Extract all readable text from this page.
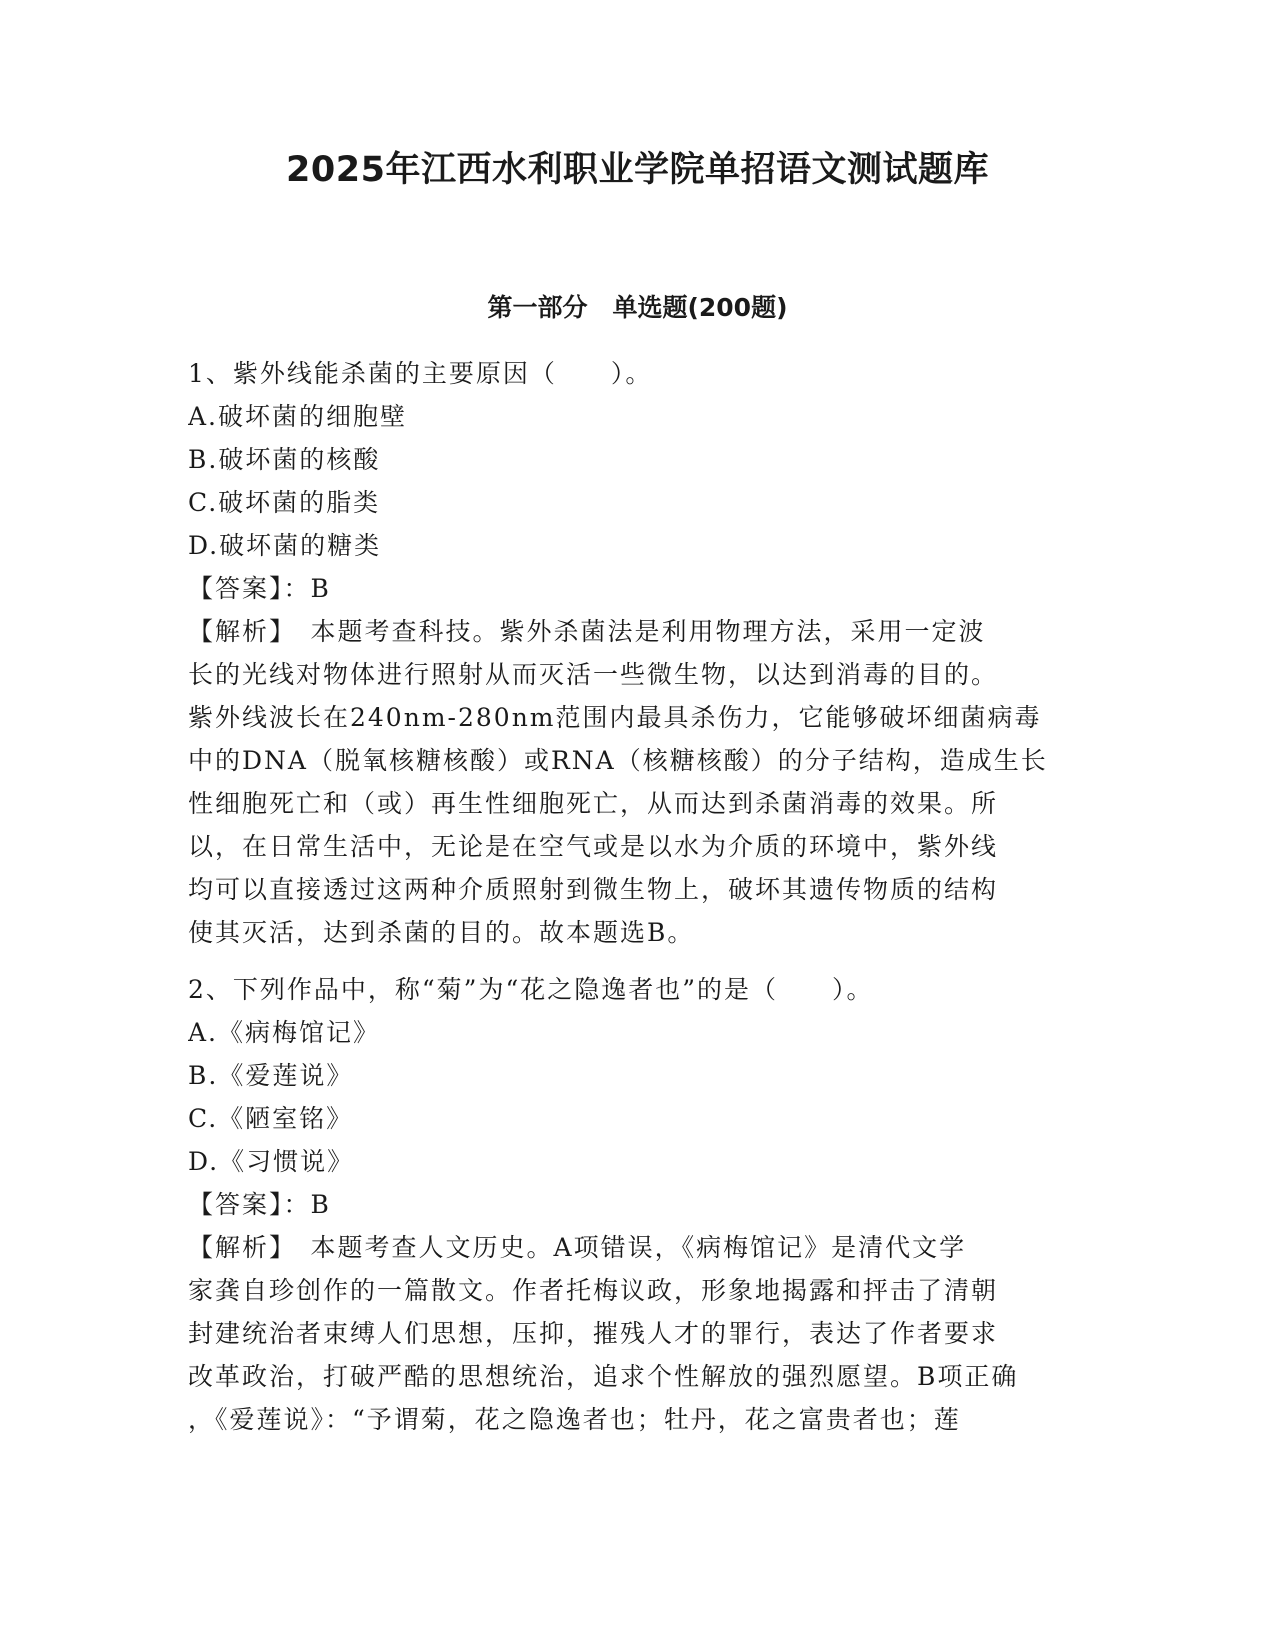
2025年江西水利职业学院单招语文测试题库
第一部分　单选题(200题)
1、紫外线能杀菌的主要原因（　　）。
A.破坏菌的细胞壁
B.破坏菌的核酸
C.破坏菌的脂类
D.破坏菌的糖类
【答案】：B
【解析】　本题考查科技。紫外杀菌法是利用物理方法，采用一定波
长的光线对物体进行照射从而灭活一些微生物，以达到消毒的目的。
紫外线波长在240nm-280nm范围内最具杀伤力，它能够破坏细菌病毒
中的DNA（脱氧核糖核酸）或RNA（核糖核酸）的分子结构，造成生长
性细胞死亡和（或）再生性细胞死亡，从而达到杀菌消毒的效果。所
以，在日常生活中，无论是在空气或是以水为介质的环境中，紫外线
均可以直接透过这两种介质照射到微生物上，破坏其遗传物质的结构
使其灭活，达到杀菌的目的。故本题选B。
2、下列作品中，称“菊”为“花之隐逸者也”的是（　　）。
A.《病梅馆记》
B.《爱莲说》
C.《陋室铭》
D.《习惯说》
【答案】：B
【解析】　本题考查人文历史。A项错误，《病梅馆记》是清代文学
家龚自珍创作的一篇散文。作者托梅议政，形象地揭露和抨击了清朝
封建统治者束缚人们思想，压抑，摧残人才的罪行，表达了作者要求
改革政治，打破严酷的思想统治，追求个性解放的强烈愿望。B项正确
，《爱莲说》：“予谓菊，花之隐逸者也；牡丹，花之富贵者也；莲
